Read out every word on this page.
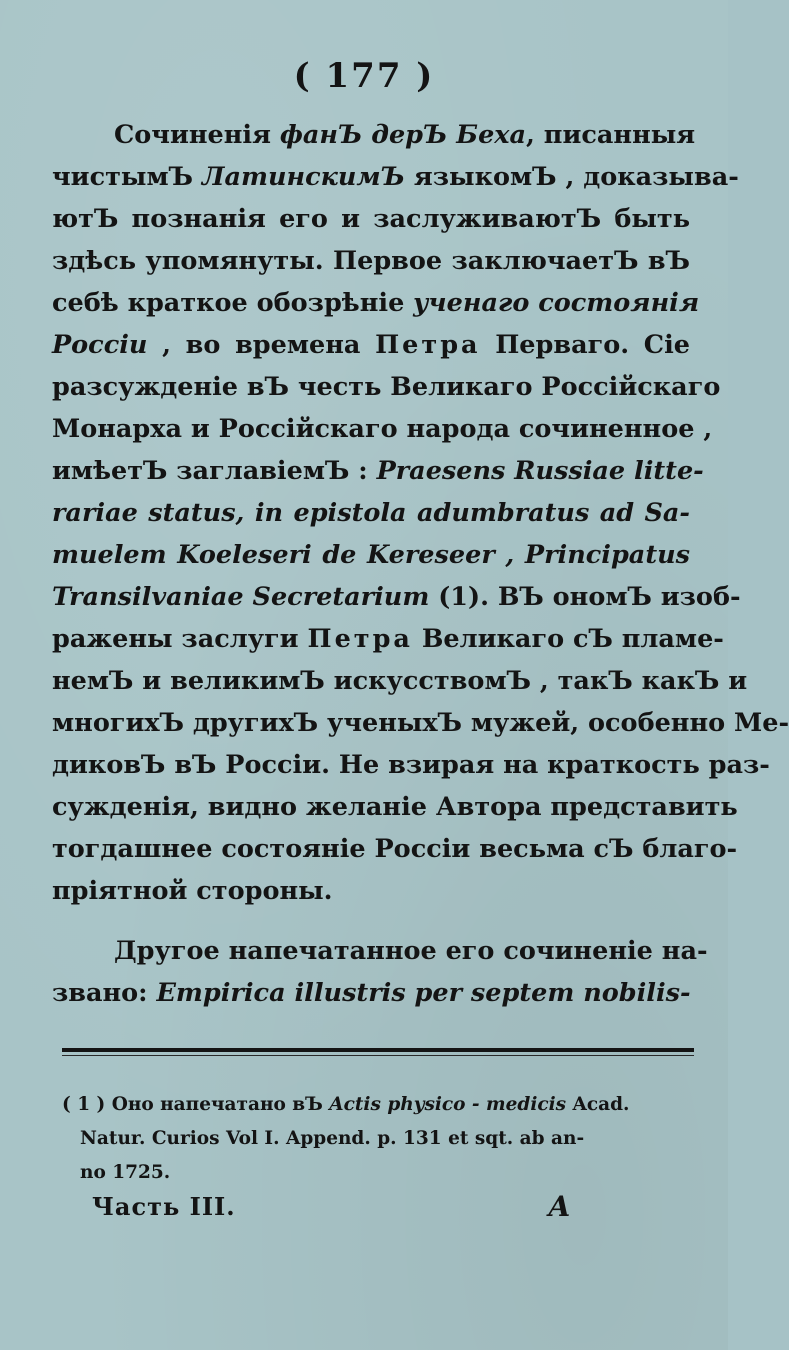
( 177 )
Сочиненія фанЪ дерЪ Беха, писанныя
чистымЪ ЛатинскимЪ языкомЪ , доказыва-
ютЪ познанія его и заслуживаютЪ быть
здѣсь упомянуты. Первое заключаетЪ вЪ
себѣ краткое обозрѣніе ученаго состоянія
Россіи , во времена Петра Перваго. Сіе
разсужденіе вЪ честь Великаго Россійскаго
Монарха и Россійскаго народа сочиненное ,
имѣетЪ заглавіемЪ : Praesens Russiae litte-
rariae status, in epistola adumbratus ad Sa-
muelem Koeleseri de Kereseer , Principatus
Transilvaniae Secretarium (1). ВЪ ономЪ изоб-
ражены заслуги Петра Великаго сЪ пламе-
немЪ и великимЪ искусствомЪ , такЪ какЪ и
многихЪ другихЪ ученыхЪ мужей, особенно Ме-
диковЪ вЪ Россіи. Не взирая на краткость раз-
сужденія, видно желаніе Автора представить
тогдашнее состояніе Россіи весьма сЪ благо-
пріятной стороны.
Другое напечатанное его сочиненіе на-
звано: Empirica illustris per septem nobilis-
( 1 ) Оно напечатано вЪ Actis physico - medicis Acad.
Natur. Curios Vol I. Append. p. 131 et sqt. ab an-
no 1725.
Часть III.	А
